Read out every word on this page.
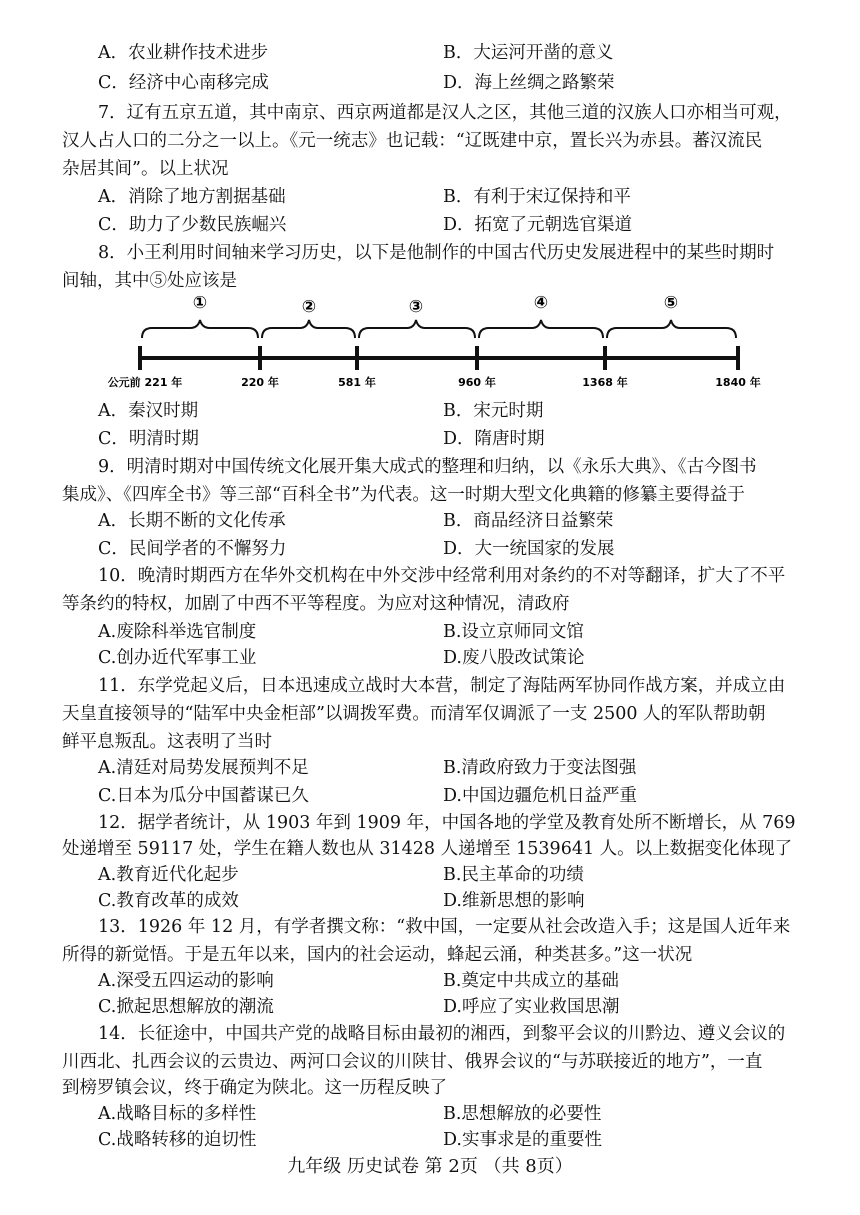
A．农业耕作技术进步	B．大运河开凿的意义
C．经济中心南移完成	D．海上丝绸之路繁荣
7．辽有五京五道，其中南京、西京两道都是汉人之区，其他三道的汉族人口亦相当可观，
汉人占人口的二分之一以上。《元一统志》也记载：“辽既建中京，置长兴为赤县。蕃汉流民
杂居其间”。以上状况
A．消除了地方割据基础	B．有利于宋辽保持和平
C．助力了少数民族崛兴	D．拓宽了元朝选官渠道
8．小王利用时间轴来学习历史，以下是他制作的中国古代历史发展进程中的某些时期时
间轴，其中⑤处应该是
①	②	③	④	⑤
公元前 221 年	220 年	581 年	960 年	1368 年	1840 年
A．秦汉时期	B．宋元时期
C．明清时期	D．隋唐时期
9．明清时期对中国传统文化展开集大成式的整理和归纳，以《永乐大典》、《古今图书
集成》、《四库全书》等三部“百科全书”为代表。这一时期大型文化典籍的修纂主要得益于
A．长期不断的文化传承	B．商品经济日益繁荣
C．民间学者的不懈努力	D．大一统国家的发展
10．晚清时期西方在华外交机构在中外交涉中经常利用对条约的不对等翻译，扩大了不平
等条约的特权，加剧了中西不平等程度。为应对这种情况，清政府
A.废除科举选官制度	B.设立京师同文馆
C.创办近代军事工业	D.废八股改试策论
11．东学党起义后，日本迅速成立战时大本营，制定了海陆两军协同作战方案，并成立由
天皇直接领导的“陆军中央金柜部”以调拨军费。而清军仅调派了一支 2500 人的军队帮助朝
鲜平息叛乱。这表明了当时
A.清廷对局势发展预判不足	B.清政府致力于变法图强
C.日本为瓜分中国蓄谋已久	D.中国边疆危机日益严重
12．据学者统计，从 1903 年到 1909 年，中国各地的学堂及教育处所不断增长，从 769
处递增至 59117 处，学生在籍人数也从 31428 人递增至 1539641 人。以上数据变化体现了
A.教育近代化起步	B.民主革命的功绩
C.教育改革的成效	D.维新思想的影响
13．1926 年 12 月，有学者撰文称：“救中国，一定要从社会改造入手；这是国人近年来
所得的新觉悟。于是五年以来，国内的社会运动，蜂起云涌，种类甚多。”这一状况
A.深受五四运动的影响	B.奠定中共成立的基础
C.掀起思想解放的潮流	D.呼应了实业救国思潮
14．长征途中，中国共产党的战略目标由最初的湘西，到黎平会议的川黔边、遵义会议的
川西北、扎西会议的云贵边、两河口会议的川陕甘、俄界会议的“与苏联接近的地方”，一直
到榜罗镇会议，终于确定为陕北。这一历程反映了
A.战略目标的多样性	B.思想解放的必要性
C.战略转移的迫切性	D.实事求是的重要性
九年级 历史试卷 第 2页 （共 8页）
